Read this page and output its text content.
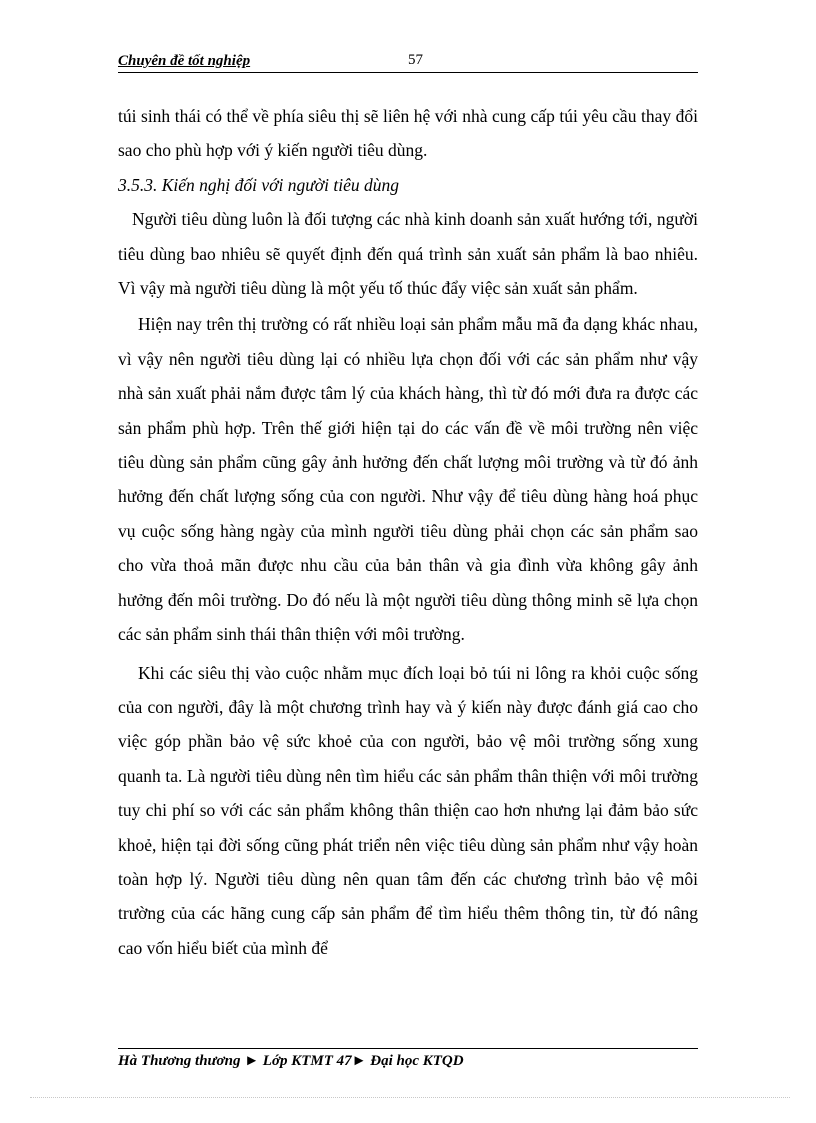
Chuyên đề tốt nghiệp	57

túi sinh thái có thể về phía siêu thị sẽ liên hệ với nhà cung cấp túi yêu cầu thay đổi sao cho phù hợp với ý kiến người tiêu dùng.

3.5.3. Kiến nghị đối với người tiêu dùng

Người tiêu dùng luôn là đối tượng các nhà kinh doanh sản xuất hướng tới, người tiêu dùng bao nhiêu sẽ quyết định đến quá trình sản xuất sản phẩm là bao nhiêu. Vì vậy mà người tiêu dùng là một yếu tố thúc đẩy việc sản xuất sản phẩm.

Hiện nay trên thị trường có rất nhiều loại sản phẩm mẫu mã đa dạng khác nhau, vì vậy nên người tiêu dùng lại có nhiều lựa chọn đối với các sản phẩm như vậy nhà sản xuất phải nắm được tâm lý của khách hàng, thì từ đó mới đưa ra được các sản phẩm phù hợp. Trên thế giới hiện tại do các vấn đề về môi trường nên việc tiêu dùng sản phẩm cũng gây ảnh hưởng đến chất lượng môi trường và từ đó ảnh hưởng đến chất lượng sống của con người. Như vậy để tiêu dùng hàng hoá phục vụ cuộc sống hàng ngày của mình người tiêu dùng phải chọn các sản phẩm sao cho vừa thoả mãn được nhu cầu của bản thân và gia đình vừa không gây ảnh hưởng đến môi trường. Do đó nếu là một người tiêu dùng thông minh sẽ lựa chọn các sản phẩm sinh thái thân thiện với môi trường.

Khi các siêu thị vào cuộc nhằm mục đích loại bỏ túi ni lông ra khỏi cuộc sống của con người, đây là một chương trình hay và ý kiến này được đánh giá cao cho việc góp phần bảo vệ sức khoẻ của con người, bảo vệ môi trường sống xung quanh ta. Là người tiêu dùng nên tìm hiểu các sản phẩm thân thiện với môi trường tuy chi phí so với các sản phẩm không thân thiện cao hơn nhưng lại đảm bảo sức khoẻ, hiện tại đời sống cũng phát triển nên việc tiêu dùng sản phẩm như vậy hoàn toàn hợp lý. Người tiêu dùng nên quan tâm đến các chương trình bảo vệ môi trường của các hãng cung cấp sản phẩm để tìm hiểu thêm thông tin, từ đó nâng cao vốn hiểu biết của mình để

Hà Thương thương ► Lớp KTMT 47► Đại học KTQD
